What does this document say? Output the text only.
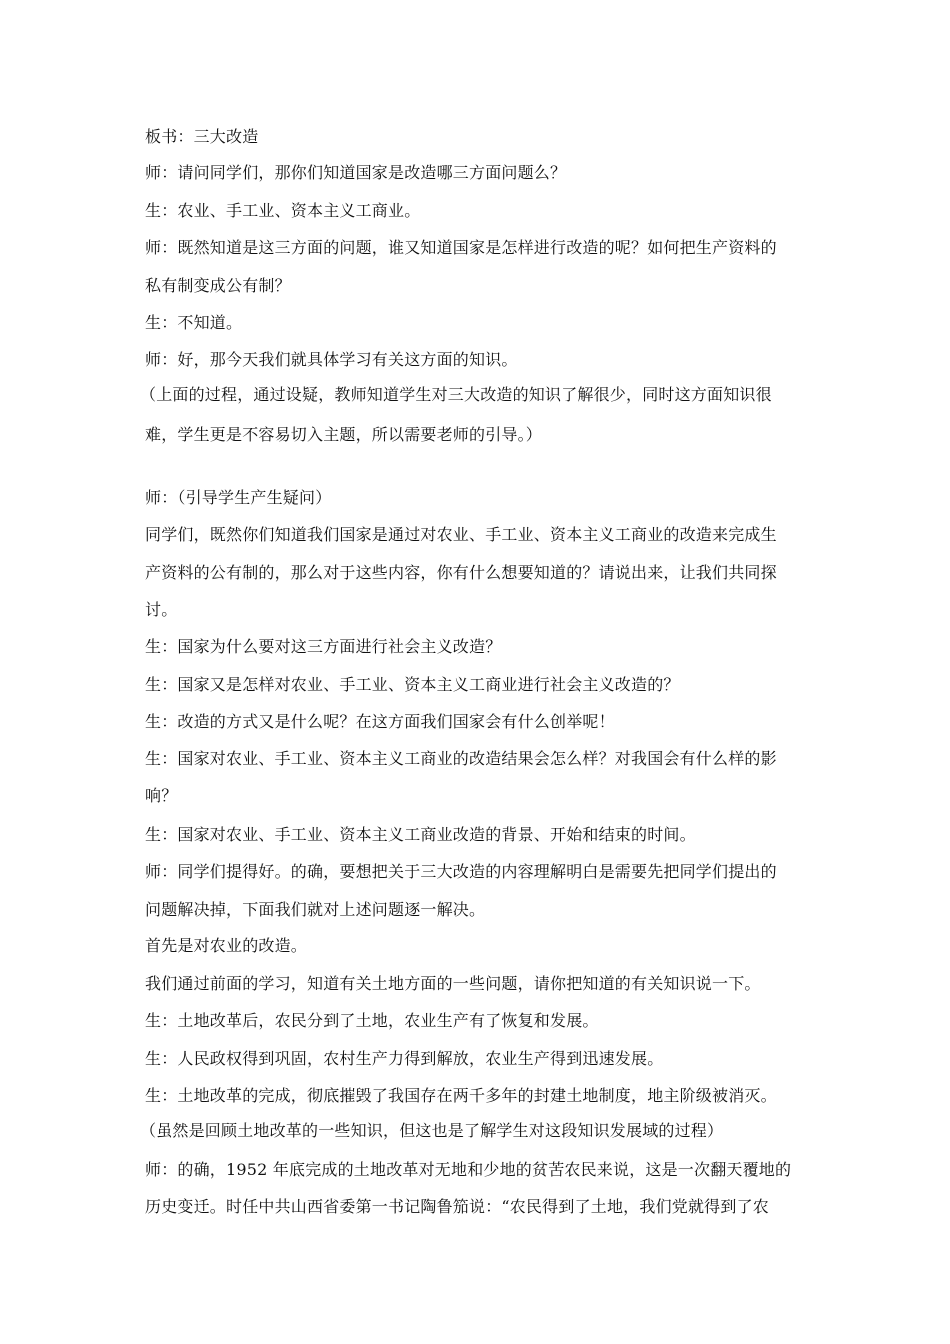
板书：三大改造
师：请问同学们，那你们知道国家是改造哪三方面问题么？
生：农业、手工业、资本主义工商业。
师：既然知道是这三方面的问题，谁又知道国家是怎样进行改造的呢？如何把生产资料的
私有制变成公有制？
生：不知道。
师：好，那今天我们就具体学习有关这方面的知识。
（上面的过程，通过设疑，教师知道学生对三大改造的知识了解很少，同时这方面知识很
难，学生更是不容易切入主题，所以需要老师的引导。）
师：（引导学生产生疑问）
同学们，既然你们知道我们国家是通过对农业、手工业、资本主义工商业的改造来完成生
产资料的公有制的，那么对于这些内容，你有什么想要知道的？请说出来，让我们共同探
讨。
生：国家为什么要对这三方面进行社会主义改造？
生：国家又是怎样对农业、手工业、资本主义工商业进行社会主义改造的？
生：改造的方式又是什么呢？在这方面我们国家会有什么创举呢！
生：国家对农业、手工业、资本主义工商业的改造结果会怎么样？对我国会有什么样的影
响？
生：国家对农业、手工业、资本主义工商业改造的背景、开始和结束的时间。
师：同学们提得好。的确，要想把关于三大改造的内容理解明白是需要先把同学们提出的
问题解决掉，下面我们就对上述问题逐一解决。
首先是对农业的改造。
我们通过前面的学习，知道有关土地方面的一些问题，请你把知道的有关知识说一下。
生：土地改革后，农民分到了土地，农业生产有了恢复和发展。
生：人民政权得到巩固，农村生产力得到解放，农业生产得到迅速发展。
生：土地改革的完成，彻底摧毁了我国存在两千多年的封建土地制度，地主阶级被消灭。
（虽然是回顾土地改革的一些知识，但这也是了解学生对这段知识发展域的过程）
师：的确，1952 年底完成的土地改革对无地和少地的贫苦农民来说，这是一次翻天覆地的
历史变迁。时任中共山西省委第一书记陶鲁笳说：“农民得到了土地，我们党就得到了农
